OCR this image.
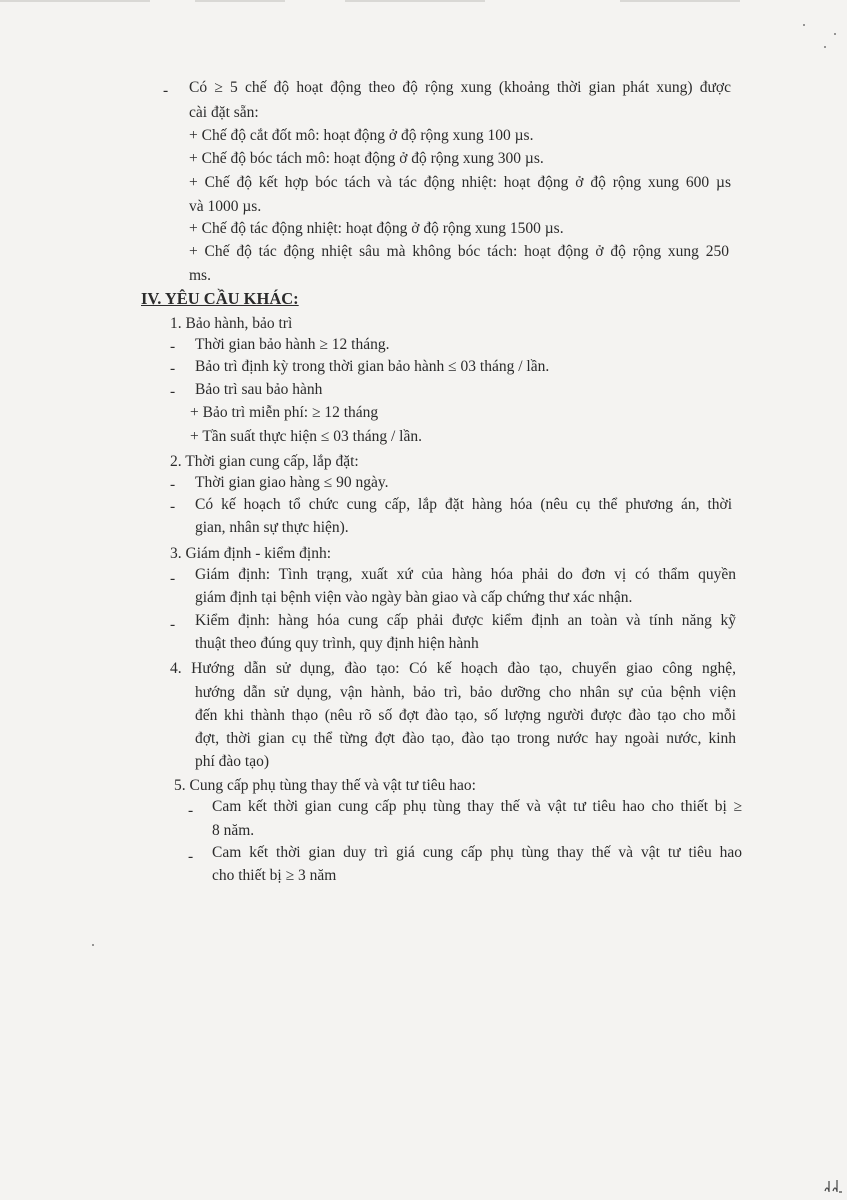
- Có ≥ 5 chế độ hoạt động theo độ rộng xung (khoảng thời gian phát xung) được
cài đặt sẵn:
+ Chế độ cắt đốt mô: hoạt động ở độ rộng xung 100 µs.
+ Chế độ bóc tách mô: hoạt động ở độ rộng xung 300 µs.
+ Chế độ kết hợp bóc tách và tác động nhiệt: hoạt động ở độ rộng xung 600 µs
và 1000 µs.
+ Chế độ tác động nhiệt: hoạt động ở độ rộng xung 1500 µs.
+ Chế độ tác động nhiệt sâu mà không bóc tách: hoạt động ở độ rộng xung 250
ms.
IV. YÊU CẦU KHÁC:
1. Bảo hành, bảo trì
- Thời gian bảo hành ≥ 12 tháng.
- Bảo trì định kỳ trong thời gian bảo hành ≤ 03 tháng / lần.
- Bảo trì sau bảo hành
+ Bảo trì miễn phí: ≥ 12 tháng
+ Tần suất thực hiện ≤ 03 tháng / lần.
2. Thời gian cung cấp, lắp đặt:
- Thời gian giao hàng ≤ 90 ngày.
- Có kế hoạch tổ chức cung cấp, lắp đặt hàng hóa (nêu cụ thể phương án, thời
gian, nhân sự thực hiện).
3. Giám định - kiểm định:
- Giám định: Tình trạng, xuất xứ của hàng hóa phải do đơn vị có thẩm quyền
giám định tại bệnh viện vào ngày bàn giao và cấp chứng thư xác nhận.
- Kiểm định: hàng hóa cung cấp phải được kiểm định an toàn và tính năng kỹ
thuật theo đúng quy trình, quy định hiện hành
4. Hướng dẫn sử dụng, đào tạo: Có kế hoạch đào tạo, chuyển giao công nghệ,
hướng dẫn sử dụng, vận hành, bảo trì, bảo dưỡng cho nhân sự của bệnh viện
đến khi thành thạo (nêu rõ số đợt đào tạo, số lượng người được đào tạo cho mỗi
đợt, thời gian cụ thể từng đợt đào tạo, đào tạo trong nước hay ngoài nước, kinh
phí đào tạo)
5. Cung cấp phụ tùng thay thế và vật tư tiêu hao:
- Cam kết thời gian cung cấp phụ tùng thay thế và vật tư tiêu hao cho thiết bị ≥
8 năm.
- Cam kết thời gian duy trì giá cung cấp phụ tùng thay thế và vật tư tiêu hao
cho thiết bị ≥ 3 năm
